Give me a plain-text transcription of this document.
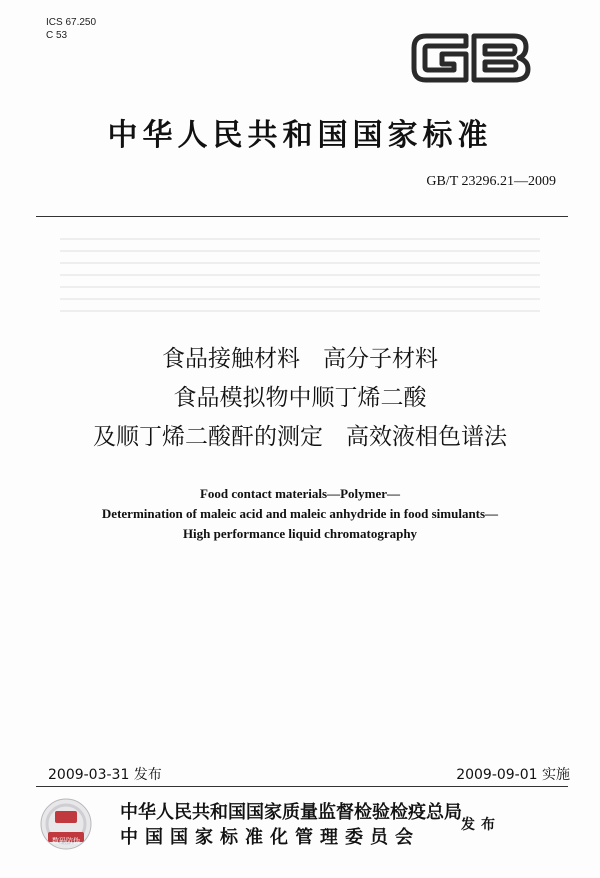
ICS 67.250
C 53
中华人民共和国国家标准
GB/T 23296.21—2009
食品接触材料　高分子材料
食品模拟物中顺丁烯二酸
及顺丁烯二酸酐的测定　高效液相色谱法
Food contact materials—Polymer—
Determination of maleic acid and maleic anhydride in food simulants—
High performance liquid chromatography
2009-03-31 发布	2009-09-01 实施
数码防伪
中华人民共和国国家质量监督检验检疫总局
中国国家标准化管理委员会
发布
